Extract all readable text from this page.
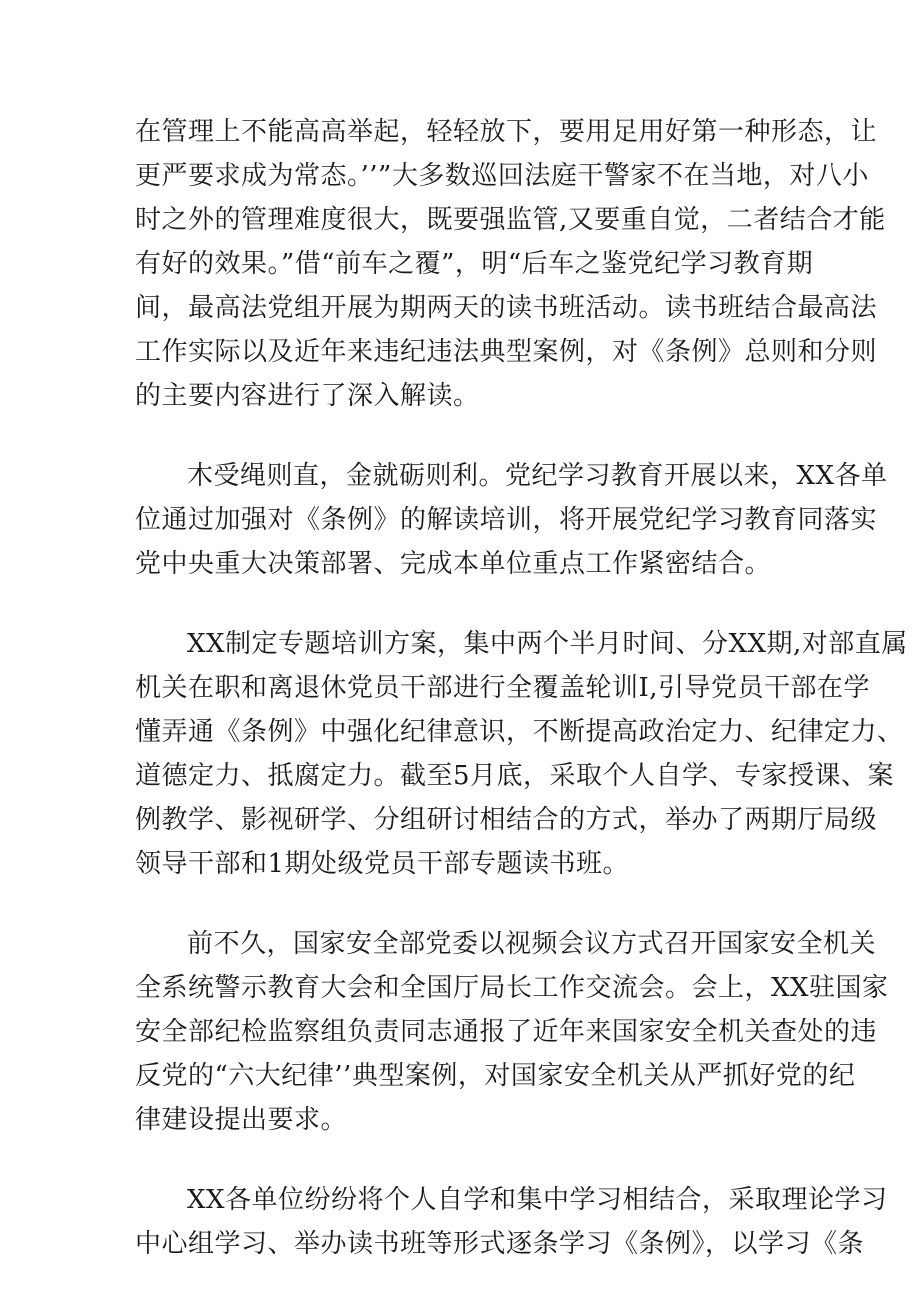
在管理上不能高高举起，轻轻放下，要用足用好第一种形态，让
更严要求成为常态。’’”大多数巡回法庭干警家不在当地，对八小
时之外的管理难度很大，既要强监管,又要重自觉，二者结合才能
有好的效果。”借“前车之覆”，明“后车之鉴党纪学习教育期
间，最高法党组开展为期两天的读书班活动。读书班结合最高法
工作实际以及近年来违纪违法典型案例，对《条例》总则和分则
的主要内容进行了深入解读。

木受绳则直，金就砺则利。党纪学习教育开展以来，XX各单
位通过加强对《条例》的解读培训，将开展党纪学习教育同落实
党中央重大决策部署、完成本单位重点工作紧密结合。

XX制定专题培训方案，集中两个半月时间、分XX期,对部直属
机关在职和离退休党员干部进行全覆盖轮训I,引导党员干部在学
懂弄通《条例》中强化纪律意识，不断提高政治定力、纪律定力、
道德定力、抵腐定力。截至5月底，采取个人自学、专家授课、案
例教学、影视研学、分组研讨相结合的方式，举办了两期厅局级
领导干部和1期处级党员干部专题读书班。

前不久，国家安全部党委以视频会议方式召开国家安全机关
全系统警示教育大会和全国厅局长工作交流会。会上，XX驻国家
安全部纪检监察组负责同志通报了近年来国家安全机关查处的违
反党的“六大纪律’’典型案例，对国家安全机关从严抓好党的纪
律建设提出要求。

XX各单位纷纷将个人自学和集中学习相结合，采取理论学习
中心组学习、举办读书班等形式逐条学习《条例》，以学习《条
